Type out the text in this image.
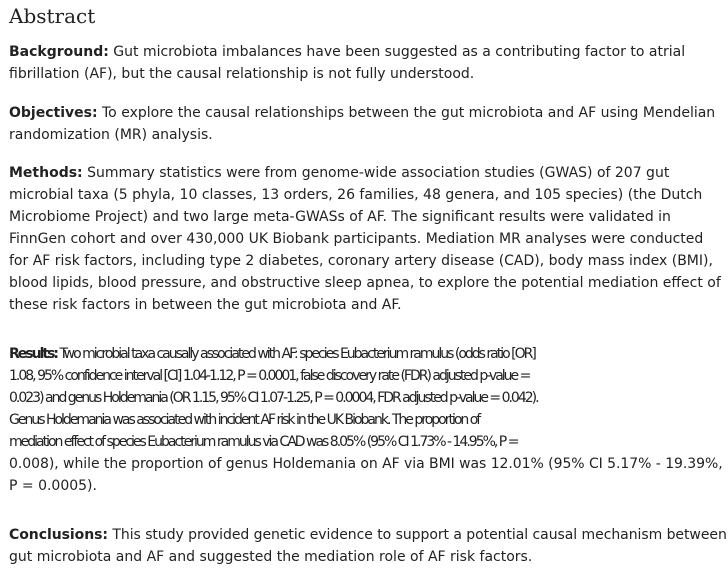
Abstract

Background: Gut microbiota imbalances have been suggested as a contributing factor to atrial
fibrillation (AF), but the causal relationship is not fully understood.

Objectives: To explore the causal relationships between the gut microbiota and AF using Mendelian
randomization (MR) analysis.

Methods: Summary statistics were from genome-wide association studies (GWAS) of 207 gut
microbial taxa (5 phyla, 10 classes, 13 orders, 26 families, 48 genera, and 105 species) (the Dutch
Microbiome Project) and two large meta-GWASs of AF. The significant results were validated in
FinnGen cohort and over 430,000 UK Biobank participants. Mediation MR analyses were conducted
for AF risk factors, including type 2 diabetes, coronary artery disease (CAD), body mass index (BMI),
blood lipids, blood pressure, and obstructive sleep apnea, to explore the potential mediation effect of
these risk factors in between the gut microbiota and AF.

Results: Two microbial taxa causally associated with AF: species Eubacterium ramulus (odds ratio [OR]
1.08, 95% confidence interval [CI] 1.04-1.12, P = 0.0001, false discovery rate (FDR) adjusted p-value =
0.023) and genus Holdemania (OR 1.15, 95% CI 1.07-1.25, P = 0.0004, FDR adjusted p-value = 0.042).
Genus Holdemania was associated with incident AF risk in the UK Biobank. The proportion of
mediation effect of species Eubacterium ramulus via CAD was 8.05% (95% CI 1.73% - 14.95%, P =
0.008), while the proportion of genus Holdemania on AF via BMI was 12.01% (95% CI 5.17% - 19.39%,
P = 0.0005).

Conclusions: This study provided genetic evidence to support a potential causal mechanism between
gut microbiota and AF and suggested the mediation role of AF risk factors.
